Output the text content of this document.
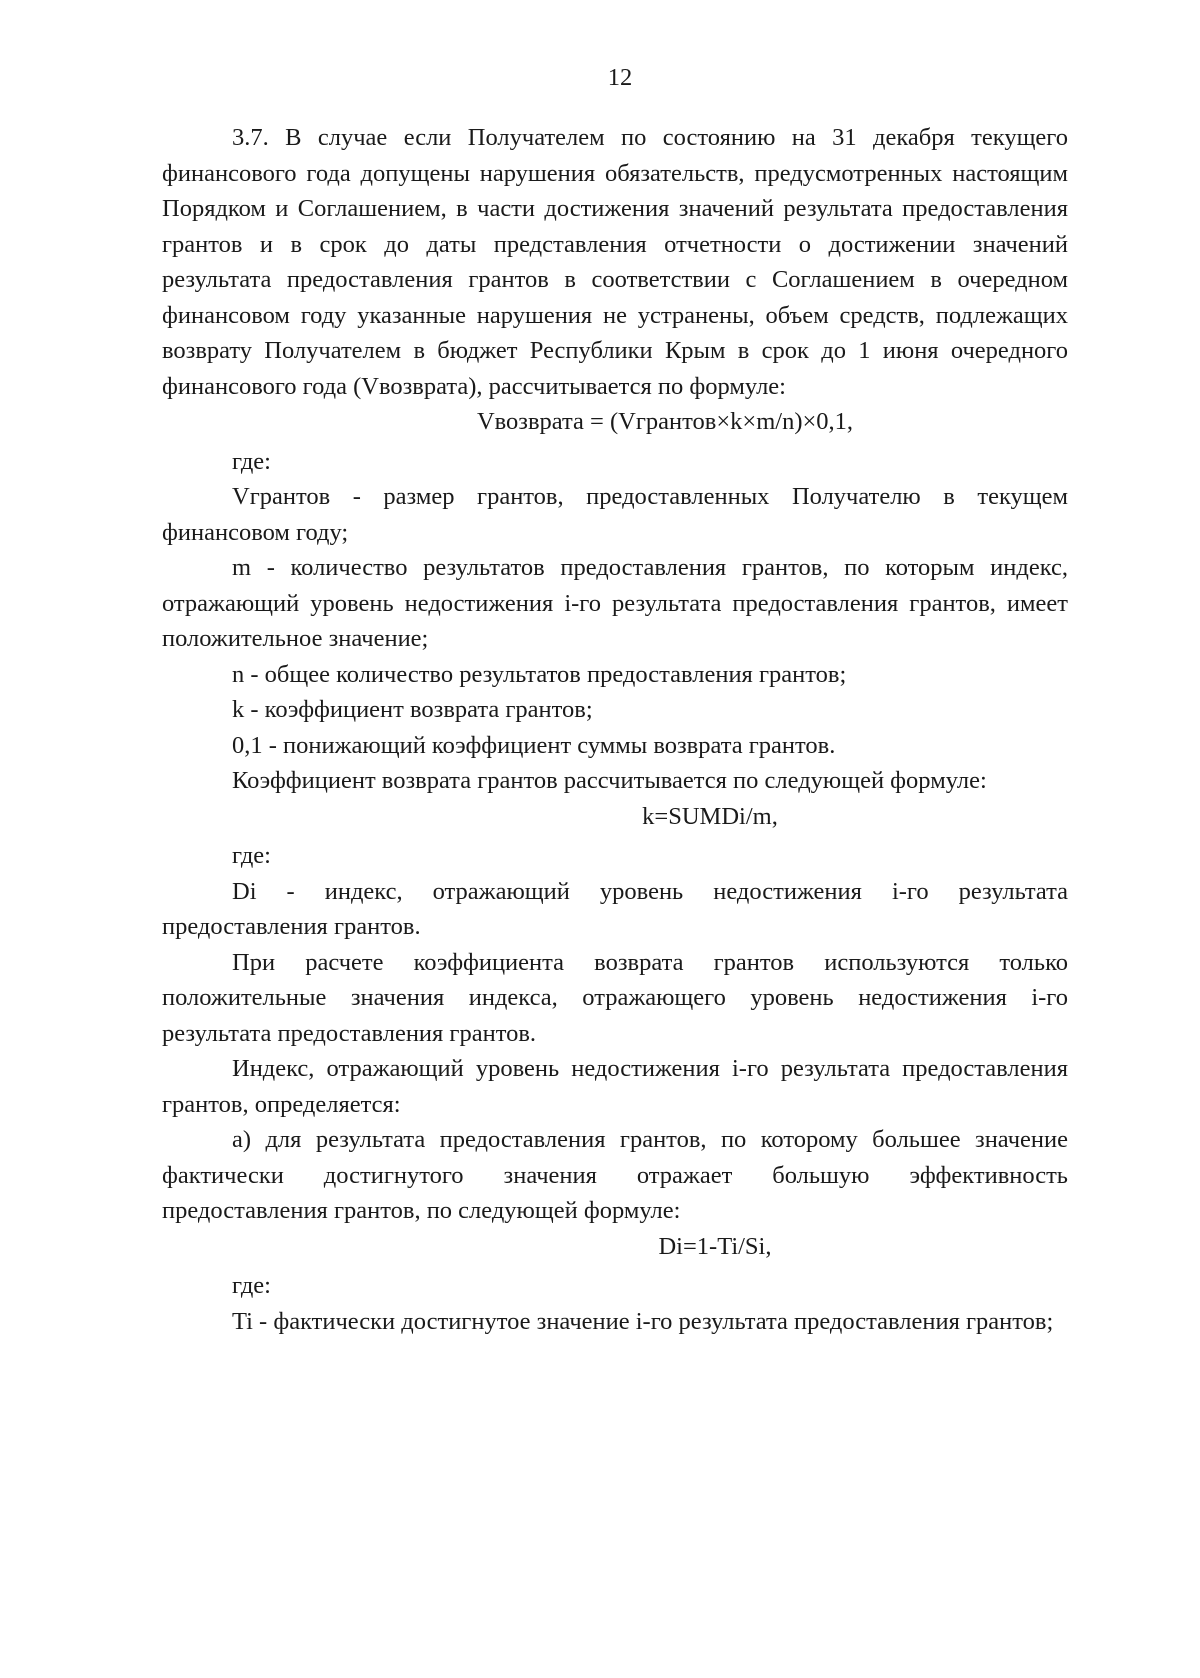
12

3.7. В случае если Получателем по состоянию на 31 декабря текущего финансового года допущены нарушения обязательств, предусмотренных настоящим Порядком и Соглашением, в части достижения значений результата предоставления грантов и в срок до даты представления отчетности о достижении значений результата предоставления грантов в соответствии с Соглашением в очередном финансовом году указанные нарушения не устранены, объем средств, подлежащих возврату Получателем в бюджет Республики Крым в срок до 1 июня очередного финансового года (Vвозврата), рассчитывается по формуле:

Vвозврата = (Vгрантов×k×m/n)×0,1,

где:

Vгрантов - размер грантов, предоставленных Получателю в текущем финансовом году;

m - количество результатов предоставления грантов, по которым индекс, отражающий уровень недостижения i-го результата предоставления грантов, имеет положительное значение;

n - общее количество результатов предоставления грантов;

k - коэффициент возврата грантов;

0,1 - понижающий коэффициент суммы возврата грантов.

Коэффициент возврата грантов рассчитывается по следующей формуле:

k=SUMDi/m,

где:

Di - индекс, отражающий уровень недостижения i-го результата предоставления грантов.

При расчете коэффициента возврата грантов используются только положительные значения индекса, отражающего уровень недостижения i-го результата предоставления грантов.

Индекс, отражающий уровень недостижения i-го результата предоставления грантов, определяется:

а) для результата предоставления грантов, по которому большее значение фактически достигнутого значения отражает большую эффективность предоставления грантов, по следующей формуле:

Di=1-Ti/Si,

где:

Ti - фактически достигнутое значение i-го результата предоставления грантов;
